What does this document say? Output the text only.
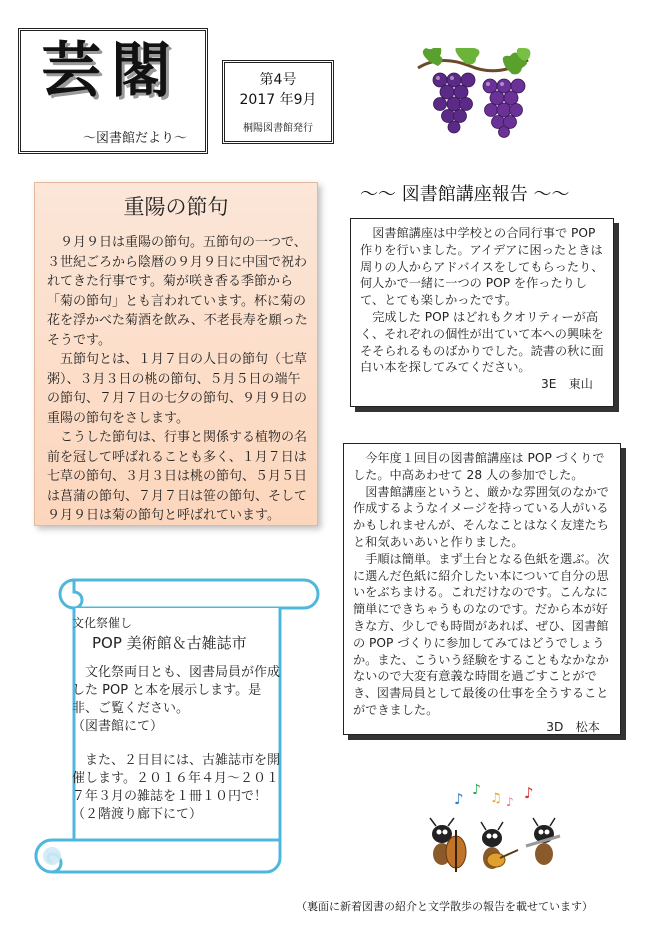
芸閣
～図書館だより～
第4号
2017 年9月
桐陽図書館発行
重陽の節句

９月９日は重陽の節句。五節句の一つで、３世紀ごろから陰暦の９月９日に中国で祝われてきた行事です。菊が咲き香る季節から「菊の節句」とも言われています。杯に菊の花を浮かべた菊酒を飲み、不老長寿を願ったそうです。

五節句とは、１月７日の人日の節句（七草粥）、３月３日の桃の節句、５月５日の端午の節句、７月７日の七夕の節句、９月９日の重陽の節句をさします。

こうした節句は、行事と関係する植物の名前を冠して呼ばれることも多く、１月７日は七草の節句、３月３日は桃の節句、５月５日は菖蒲の節句、７月７日は笹の節句、そして９月９日は菊の節句と呼ばれています。

～～ 図書館講座報告 ～～

図書館講座は中学校との合同行事で POP 作りを行いました。アイデアに困ったときは周りの人からアドバイスをしてもらったり、何人かで一緒に一つの POP を作ったりして、とても楽しかったです。

完成した POP はどれもクオリティーが高く、それぞれの個性が出ていて本への興味をそそられるものばかりでした。読書の秋に面白い本を探してみてください。

3E　東山

今年度１回目の図書館講座は POP づくりでした。中高あわせて 28 人の参加でした。

図書館講座というと、厳かな雰囲気のなかで作成するようなイメージを持っている人がいるかもしれませんが、そんなことはなく友達たちと和気あいあいと作りました。

手順は簡単。まず土台となる色紙を選ぶ。次に選んだ色紙に紹介したい本について自分の思いをぶちまける。これだけなのです。こんなに簡単にできちゃうものなのです。だから本が好きな方、少しでも時間があれば、ぜひ、図書館の POP づくりに参加してみてはどうでしょうか。また、こういう経験をすることもなかなかないので大変有意義な時間を過ごすことができ、図書局員として最後の仕事を全うすることができました。

3D　松本

文化祭催し

POP 美術館＆古雑誌市

文化祭両日とも、図書局員が作成した POP と本を展示します。是非、ご覧ください。

（図書館にて）

また、２日目には、古雑誌市を開催します。２０１６年４月～２０１７年３月の雑誌を１冊１０円で！

（２階渡り廊下にて）

♪ ♪
♫ ♪ ♪
（裏面に新着図書の紹介と文学散歩の報告を載せています）
